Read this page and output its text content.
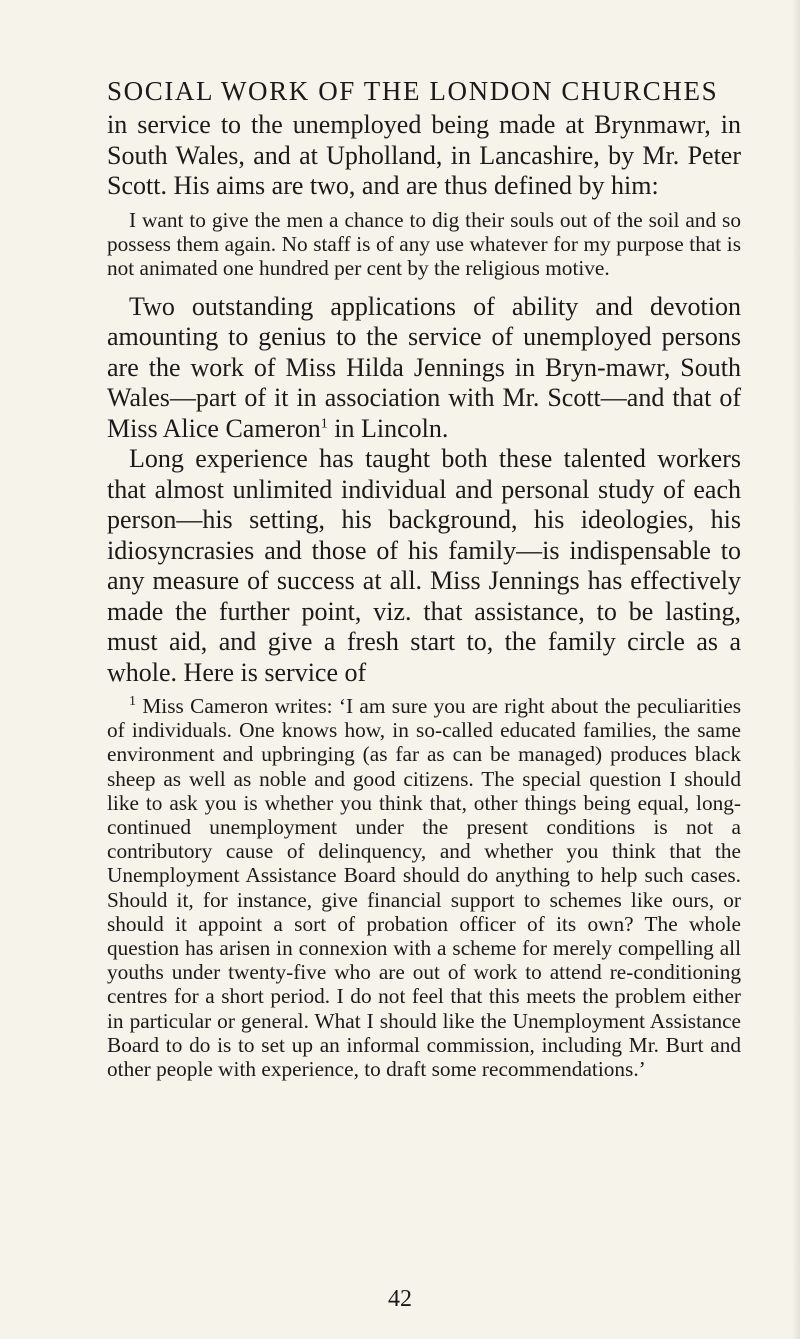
SOCIAL WORK OF THE LONDON CHURCHES

in service to the unemployed being made at Brynmawr, in South Wales, and at Upholland, in Lancashire, by Mr. Peter Scott. His aims are two, and are thus defined by him:

I want to give the men a chance to dig their souls out of the soil and so possess them again. No staff is of any use whatever for my purpose that is not animated one hundred per cent by the religious motive.

Two outstanding applications of ability and devotion amounting to genius to the service of unemployed persons are the work of Miss Hilda Jennings in Bryn-mawr, South Wales—part of it in association with Mr. Scott—and that of Miss Alice Cameron$^1$ in Lincoln.

Long experience has taught both these talented workers that almost unlimited individual and personal study of each person—his setting, his background, his ideologies, his idiosyncrasies and those of his family—is indispensable to any measure of success at all. Miss Jennings has effectively made the further point, viz. that assistance, to be lasting, must aid, and give a fresh start to, the family circle as a whole. Here is service of

$^1$ Miss Cameron writes: ‘I am sure you are right about the peculiarities of individuals. One knows how, in so-called educated families, the same environment and upbringing (as far as can be managed) produces black sheep as well as noble and good citizens. The special question I should like to ask you is whether you think that, other things being equal, long-continued unemployment under the present conditions is not a contributory cause of delinquency, and whether you think that the Unemployment Assistance Board should do anything to help such cases. Should it, for instance, give financial support to schemes like ours, or should it appoint a sort of probation officer of its own? The whole question has arisen in connexion with a scheme for merely compelling all youths under twenty-five who are out of work to attend re-conditioning centres for a short period. I do not feel that this meets the problem either in particular or general. What I should like the Unemployment Assistance Board to do is to set up an informal commission, including Mr. Burt and other people with experience, to draft some recommendations.’

42
